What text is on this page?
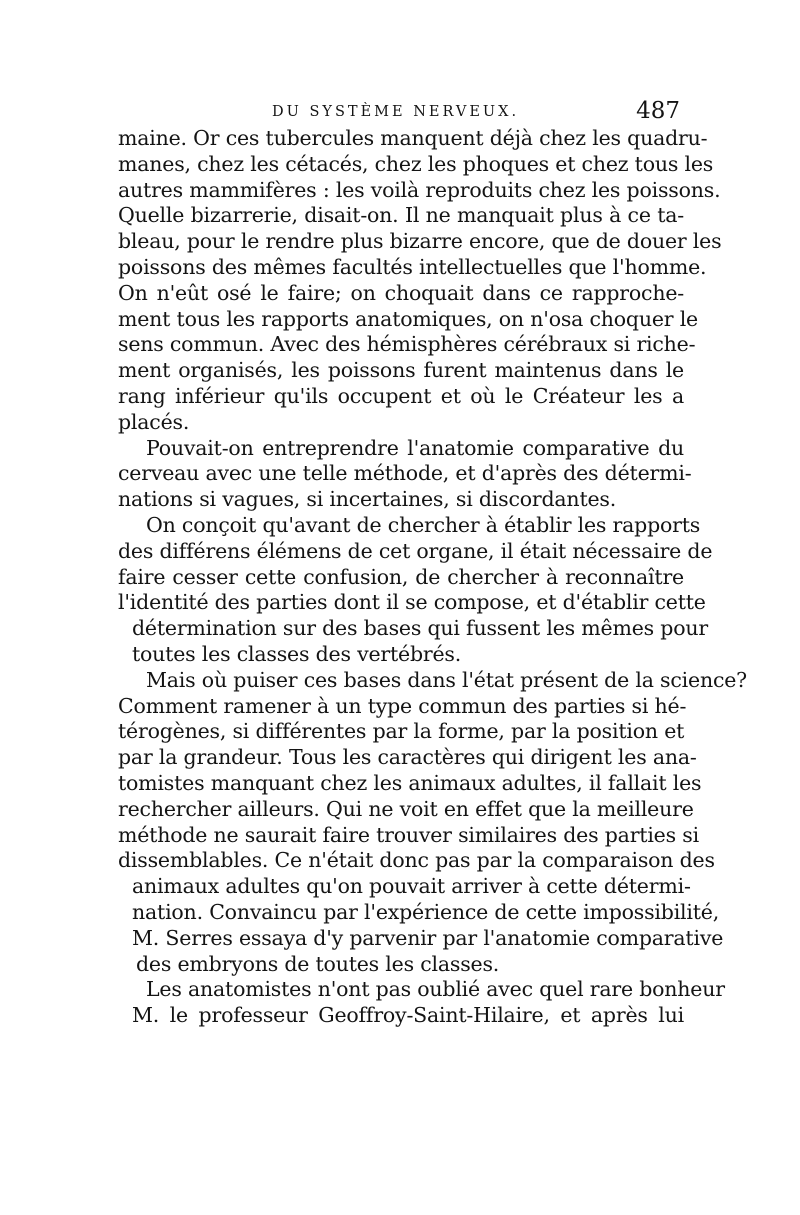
DU SYSTÈME NERVEUX.	487
maine. Or ces tubercules manquent déjà chez les quadru-
manes, chez les cétacés, chez les phoques et chez tous les
autres mammifères : les voilà reproduits chez les poissons.
Quelle bizarrerie, disait-on. Il ne manquait plus à ce ta-
bleau, pour le rendre plus bizarre encore, que de douer les
poissons des mêmes facultés intellectuelles que l'homme.
On n'eût osé le faire; on choquait dans ce rapproche-
ment tous les rapports anatomiques, on n'osa choquer le
sens commun. Avec des hémisphères cérébraux si riche-
ment organisés, les poissons furent maintenus dans le
rang inférieur qu'ils occupent et où le Créateur les a
placés.
Pouvait-on entreprendre l'anatomie comparative du
cerveau avec une telle méthode, et d'après des détermi-
nations si vagues, si incertaines, si discordantes.
On conçoit qu'avant de chercher à établir les rapports
des différens élémens de cet organe, il était nécessaire de
faire cesser cette confusion, de chercher à reconnaître
l'identité des parties dont il se compose, et d'établir cette
détermination sur des bases qui fussent les mêmes pour
toutes les classes des vertébrés.
Mais où puiser ces bases dans l'état présent de la science?
Comment ramener à un type commun des parties si hé-
térogènes, si différentes par la forme, par la position et
par la grandeur. Tous les caractères qui dirigent les ana-
tomistes manquant chez les animaux adultes, il fallait les
rechercher ailleurs. Qui ne voit en effet que la meilleure
méthode ne saurait faire trouver similaires des parties si
dissemblables. Ce n'était donc pas par la comparaison des
animaux adultes qu'on pouvait arriver à cette détermi-
nation. Convaincu par l'expérience de cette impossibilité,
M. Serres essaya d'y parvenir par l'anatomie comparative
des embryons de toutes les classes.
Les anatomistes n'ont pas oublié avec quel rare bonheur
M. le professeur Geoffroy-Saint-Hilaire, et après lui
